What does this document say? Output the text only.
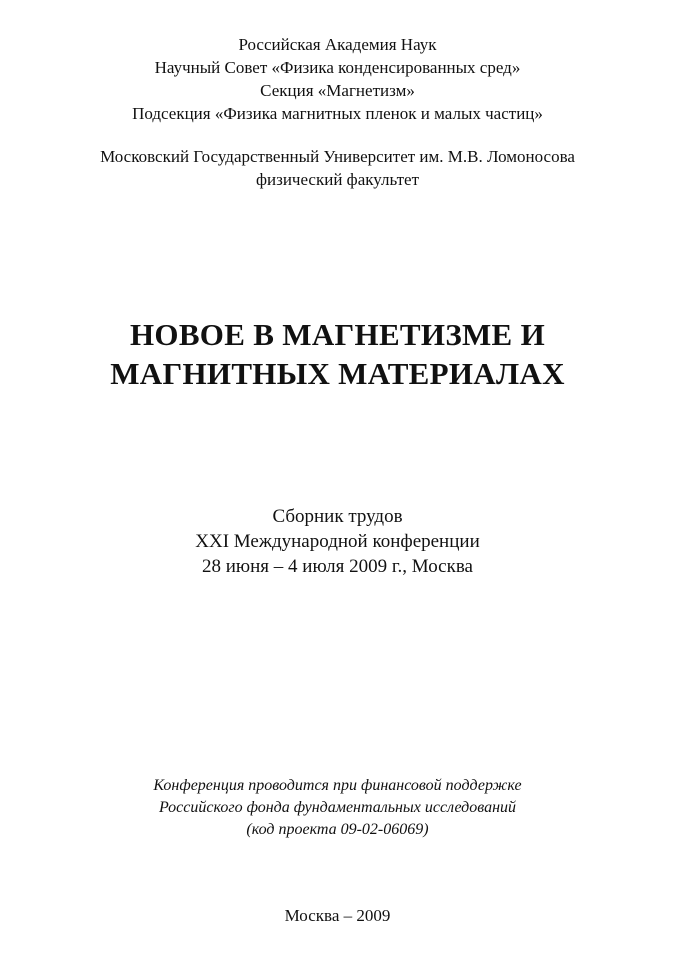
Российская Академия Наук

Научный Совет «Физика конденсированных сред»

Секция «Магнетизм»

Подсекция «Физика магнитных пленок и малых частиц»

Московский Государственный Университет им. М.В. Ломоносова

физический факультет

НОВОЕ В МАГНЕТИЗМЕ И
МАГНИТНЫХ МАТЕРИАЛАХ

Сборник трудов

XXI Международной конференции

28 июня – 4 июля 2009 г., Москва

Конференция проводится при финансовой поддержке

Российского фонда фундаментальных исследований

(код проекта 09-02-06069)

Москва – 2009
